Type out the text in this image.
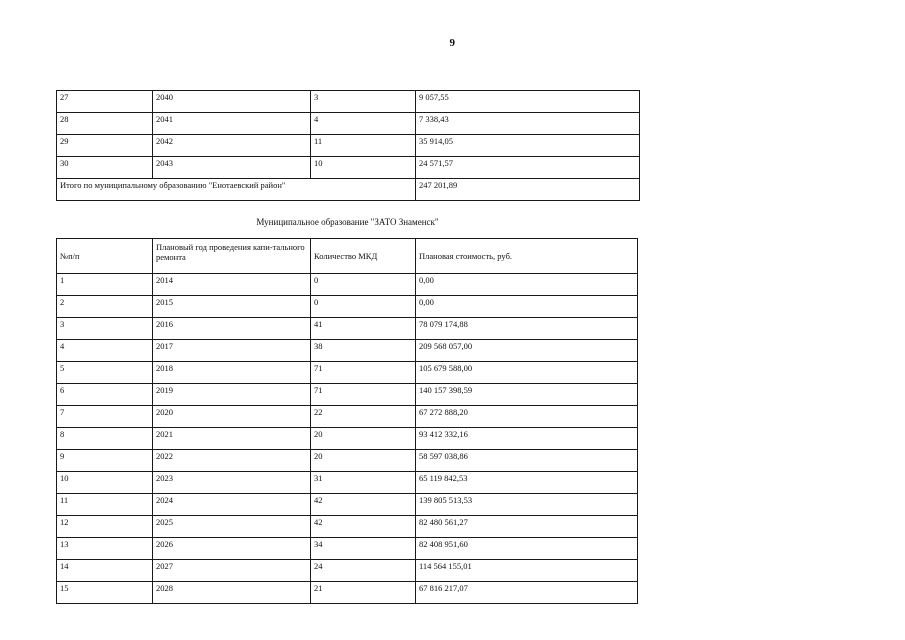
9
27	2040	3	9 057,55
28	2041	4	7 338,43
29	2042	11	35 914,05
30	2043	10	24 571,57
Итого по муниципальному образованию "Енотаевский район"			247 201,89
Муниципальное образование "ЗАТО Знаменск"
№п/п	Плановый год проведения капи-тального ремонта	Количество МКД	Плановая стоимость, руб.
1	2014	0	0,00
2	2015	0	0,00
3	2016	41	78 079 174,88
4	2017	38	209 568 057,00
5	2018	71	105 679 588,00
6	2019	71	140 157 398,59
7	2020	22	67 272 888,20
8	2021	20	93 412 332,16
9	2022	20	58 597 038,86
10	2023	31	65 119 842,53
11	2024	42	139 805 513,53
12	2025	42	82 480 561,27
13	2026	34	82 408 951,60
14	2027	24	114 564 155,01
15	2028	21	67 816 217,07
